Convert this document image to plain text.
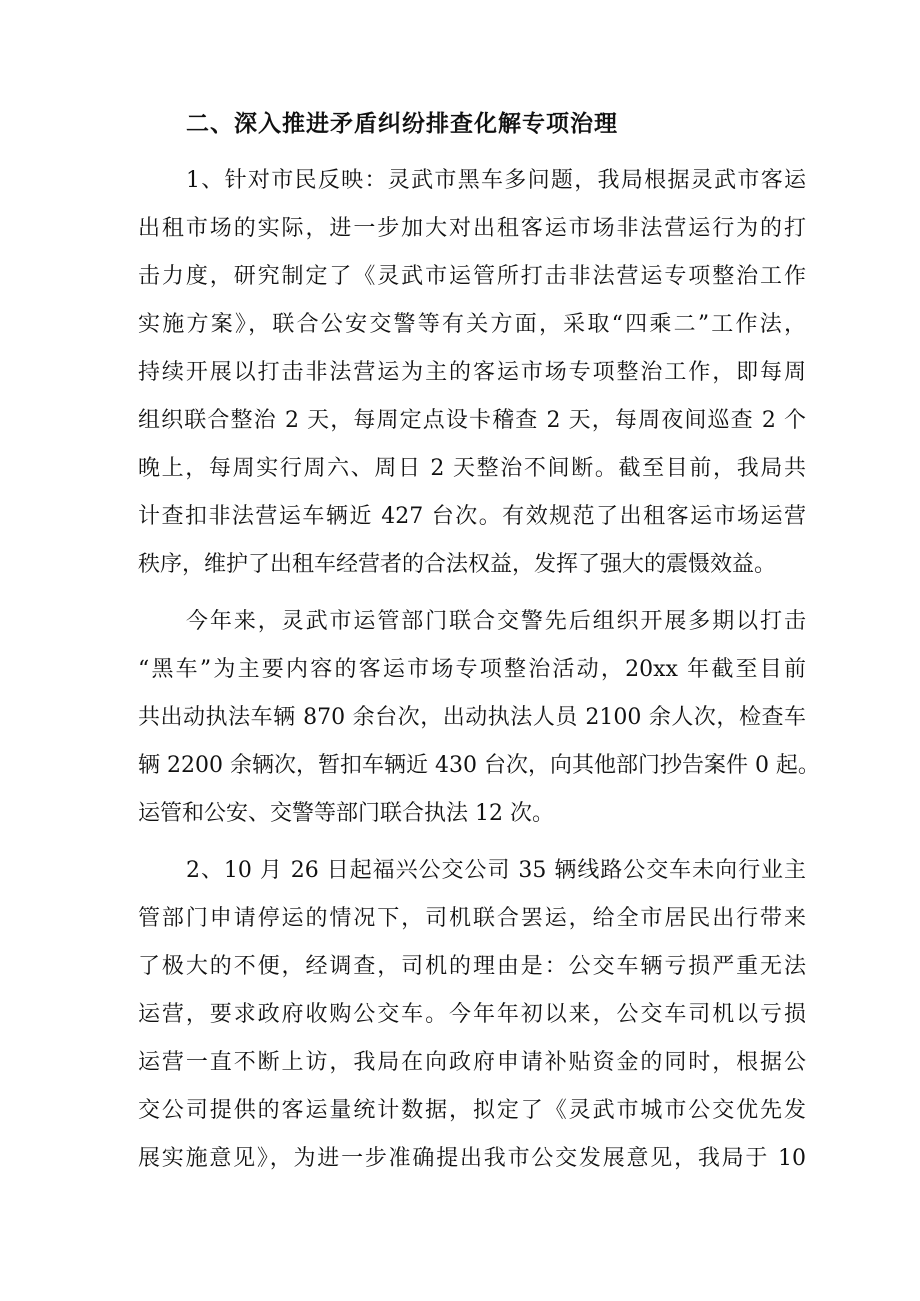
二、深入推进矛盾纠纷排查化解专项治理
1、针对市民反映：灵武市黑车多问题，我局根据灵武市客运
出租市场的实际，进一步加大对出租客运市场非法营运行为的打
击力度，研究制定了《灵武市运管所打击非法营运专项整治工作
实施方案》，联合公安交警等有关方面，采取“四乘二”工作法，
持续开展以打击非法营运为主的客运市场专项整治工作，即每周
组织联合整治 2 天，每周定点设卡稽查 2 天，每周夜间巡查 2 个
晚上，每周实行周六、周日 2 天整治不间断。截至目前，我局共
计查扣非法营运车辆近 427 台次。有效规范了出租客运市场运营
秩序，维护了出租车经营者的合法权益，发挥了强大的震慑效益。
今年来，灵武市运管部门联合交警先后组织开展多期以打击
“黑车”为主要内容的客运市场专项整治活动，20xx 年截至目前
共出动执法车辆 870 余台次，出动执法人员 2100 余人次，检查车
辆 2200 余辆次，暂扣车辆近 430 台次，向其他部门抄告案件 0 起。
运管和公安、交警等部门联合执法 12 次。
2、10 月 26 日起福兴公交公司 35 辆线路公交车未向行业主
管部门申请停运的情况下，司机联合罢运，给全市居民出行带来
了极大的不便，经调查，司机的理由是：公交车辆亏损严重无法
运营，要求政府收购公交车。今年年初以来，公交车司机以亏损
运营一直不断上访，我局在向政府申请补贴资金的同时，根据公
交公司提供的客运量统计数据，拟定了《灵武市城市公交优先发
展实施意见》，为进一步准确提出我市公交发展意见，我局于 10
